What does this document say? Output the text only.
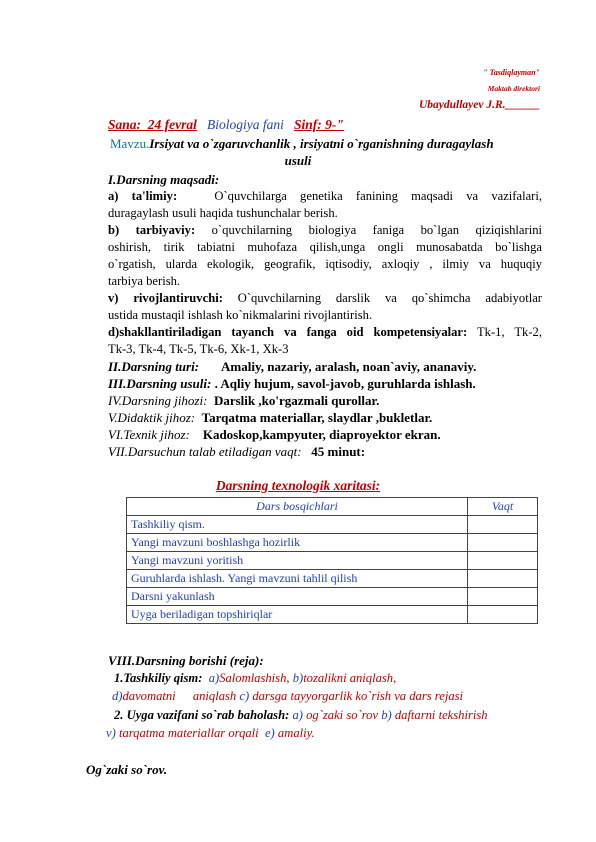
" Tasdiqlayman"
Maktab direktori
Ubaydullayev J.R.______
Sana:_24 fevral Biologiya fani Sinf: 9-"
Mavzu.Irsiyat va o`zgaruvchanlik , irsiyatni o`rganishning duragaylash
usuli
I.Darsning maqsadi:
a) ta'limiy:	O`quvchilarga genetika fanining maqsadi va vazifalari,
duragaylash usuli haqida tushunchalar berish.
b) tarbiyaviy: o`quvchilarning biologiya faniga bo`lgan qiziqishlarini
oshirish, tirik tabiatni muhofaza qilish,unga ongli munosabatda bo`lishga
o`rgatish, ularda ekologik, geografik, iqtisodiy, axloqiy , ilmiy va huquqiy
tarbiya berish.
v) rivojlantiruvchi: O`quvchilarning darslik va qo`shimcha adabiyotlar
ustida mustaqil ishlash ko`nikmalarini rivojlantirish.
d)shakllantiriladigan tayanch va fanga oid kompetensiyalar: Tk-1, Tk-2,
Tk-3, Tk-4, Tk-5, Tk-6, Xk-1, Xk-3
II.Darsning turi: Amaliy, nazariy, aralash, noan`aviy, ananaviy.
III.Darsning usuli: . Aqliy hujum, savol-javob, guruhlarda ishlash.
IV.Darsning jihozi: Darslik ,ko'rgazmali qurollar.
V.Didaktik jihoz: Tarqatma materiallar, slaydlar ,bukletlar.
VI.Texnik jihoz: Kadoskop,kampyuter, diaproyektor ekran.
VII.Darsuchun talab etiladigan vaqt: 45 minut:
Darsning texnologik xaritasi:
Dars bosqichlari	Vaqt
Tashkiliy qism.	
Yangi mavzuni boshlashga hozirlik	
Yangi mavzuni yoritish	
Guruhlarda ishlash. Yangi mavzuni tahlil qilish	
Darsni yakunlash	
Uyga beriladigan topshiriqlar	
VIII.Darsning borishi (reja):
1.Tashkiliy qism: a)Salomlashish, b)tozalikni aniqlash,
d)davomatni aniqlash c) darsga tayyorgarlik ko`rish va dars rejasi
2. Uyga vazifani so`rab baholash: a) og`zaki so`rov b) daftarni tekshirish
v) tarqatma materiallar orqali e) amaliy.
Og`zaki so`rov.
